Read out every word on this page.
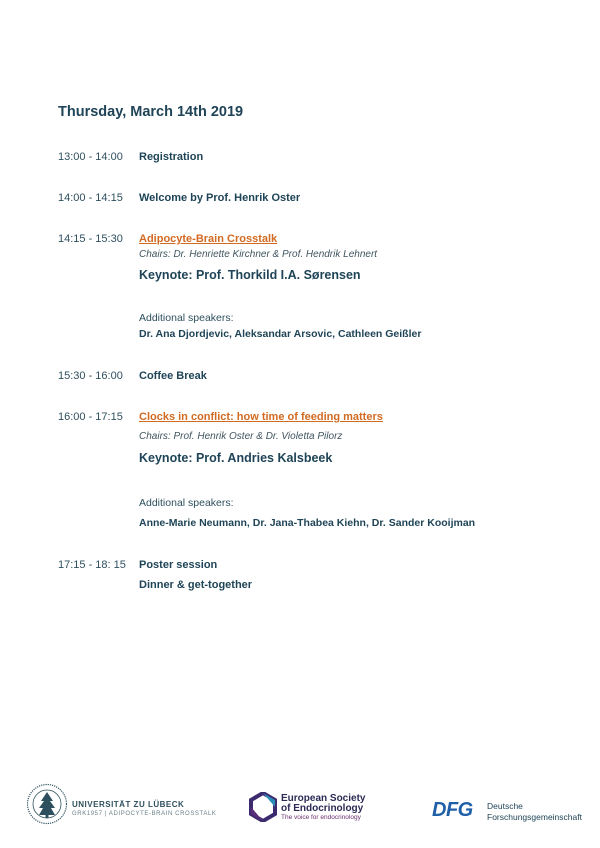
Thursday, March 14th 2019
13:00 - 14:00 Registration
14:00 - 14:15 Welcome by Prof. Henrik Oster
14:15 - 15:30 Adipocyte-Brain Crosstalk
Chairs: Dr. Henriette Kirchner & Prof. Hendrik Lehnert
Keynote: Prof. Thorkild I.A. Sørensen
Additional speakers:
Dr. Ana Djordjevic, Aleksandar Arsovic, Cathleen Geißler
15:30 - 16:00 Coffee Break
16:00 - 17:15 Clocks in conflict: how time of feeding matters
Chairs: Prof. Henrik Oster & Dr. Violetta Pilorz
Keynote: Prof. Andries Kalsbeek
Additional speakers:
Anne-Marie Neumann, Dr. Jana-Thabea Kiehn, Dr. Sander Kooijman
17:15 - 18: 15 Poster session
Dinner & get-together
UNIVERSITÄT ZU LÜBECK
GRK1957 | ADIPOCYTE-BRAIN CROSSTALK
European Society
of Endocrinology
The voice for endocrinology	DFG Deutsche
Forschungsgemeinschaft
